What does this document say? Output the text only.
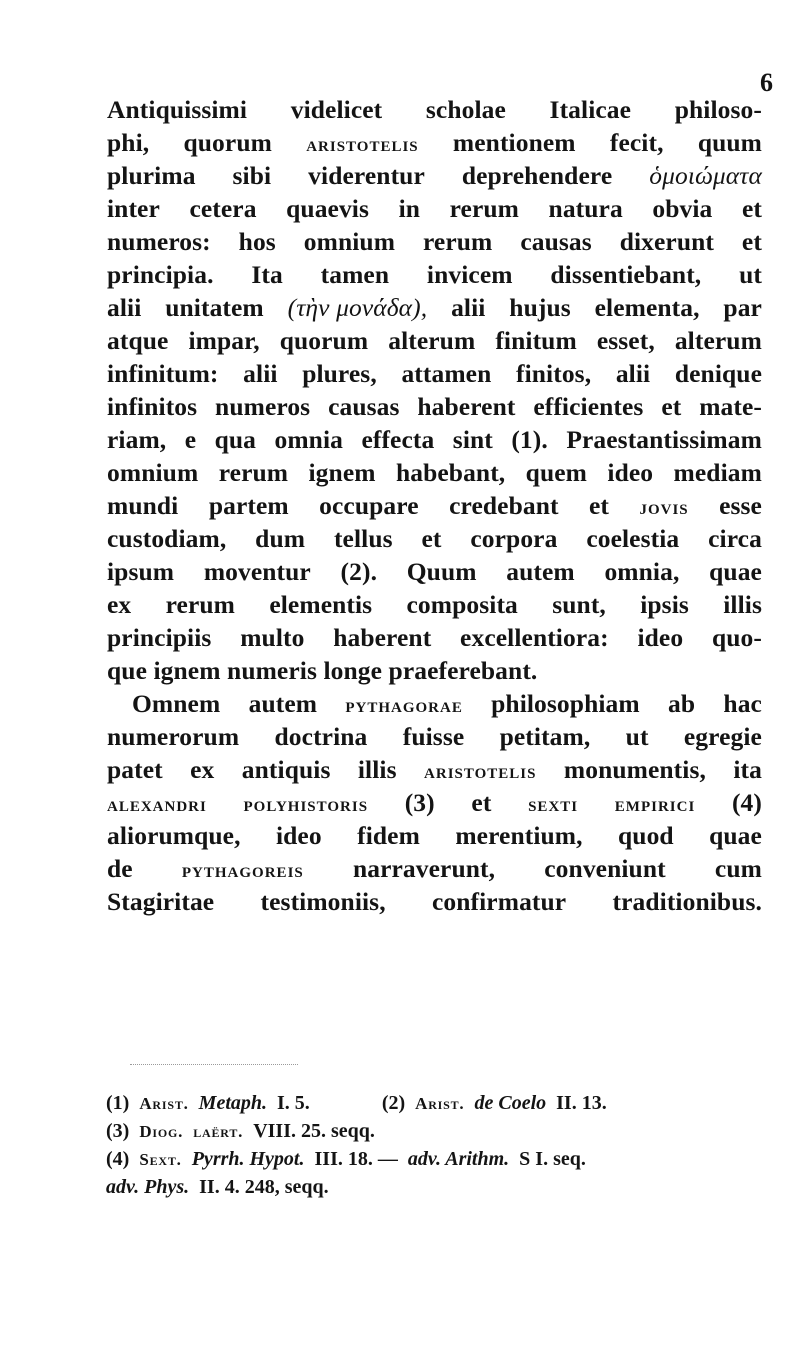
6
Antiquissimi videlicet scholae Italicae philoso-
phi, quorum aristotelis mentionem fecit, quum
plurima sibi viderentur deprehendere ὁμοιώματα
inter cetera quaevis in rerum natura obvia et
numeros: hos omnium rerum causas dixerunt et
principia. Ita tamen invicem dissentiebant, ut
alii unitatem (τὴν μονάδα), alii hujus elementa, par
atque impar, quorum alterum finitum esset, alterum
infinitum: alii plures, attamen finitos, alii denique
infinitos numeros causas haberent efficientes et mate-
riam, e qua omnia effecta sint (1). Praestantissimam
omnium rerum ignem habebant, quem ideo mediam
mundi partem occupare credebant et jovis esse
custodiam, dum tellus et corpora coelestia circa
ipsum moventur (2). Quum autem omnia, quae
ex rerum elementis composita sunt, ipsis illis
principiis multo haberent excellentiora: ideo quo-
que
ignem
numeris
longe
praeferebant.
Omnem autem pythagorae philosophiam ab hac
numerorum doctrina fuisse petitam, ut egregie
patet ex antiquis illis aristotelis monumentis, ita
alexandri polyhistoris (3) et sexti empirici (4)
aliorumque, ideo fidem merentium, quod quae
de pythagoreis narraverunt, conveniunt cum
Stagiritae testimoniis, confirmatur traditionibus.
(1) Arist. Metaph. I. 5.	(2) Arist. de Coelo II. 13.
(3) Diog. laërt. VIII. 25. seqq.
(4) Sext. Pyrrh. Hypot. III. 18. — adv. Arithm. S I. seq.
adv. Phys. II. 4. 248, seqq.
